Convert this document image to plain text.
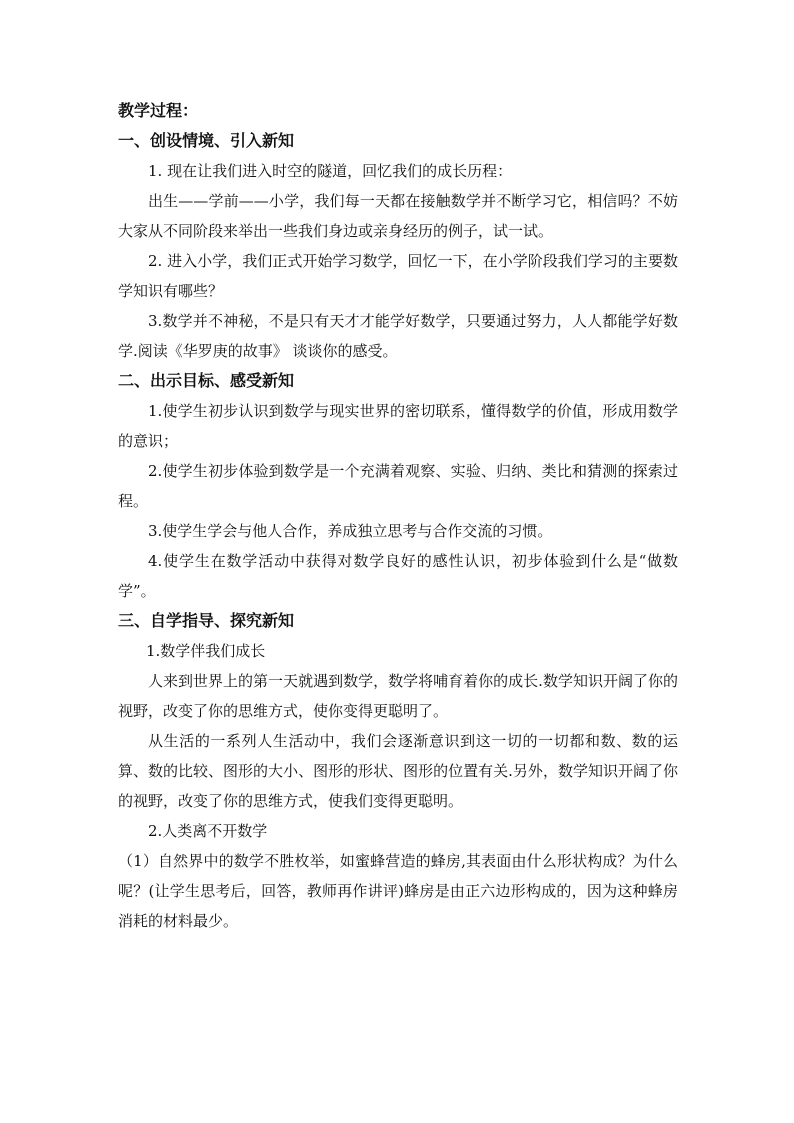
教学过程：

一、创设情境、引入新知

1. 现在让我们进入时空的隧道，回忆我们的成长历程：

出生——学前——小学，我们每一天都在接触数学并不断学习它，相信吗？不妨大家从不同阶段来举出一些我们身边或亲身经历的例子，试一试。

2. 进入小学，我们正式开始学习数学，回忆一下，在小学阶段我们学习的主要数学知识有哪些？

3.数学并不神秘，不是只有天才才能学好数学，只要通过努力，人人都能学好数学.阅读《华罗庚的故事》 谈谈你的感受。

二、出示目标、感受新知

1.使学生初步认识到数学与现实世界的密切联系，懂得数学的价值，形成用数学的意识；

2.使学生初步体验到数学是一个充满着观察、实验、归纳、类比和猜测的探索过程。

3.使学生学会与他人合作，养成独立思考与合作交流的习惯。

4.使学生在数学活动中获得对数学良好的感性认识，初步体验到什么是“做数学”。

三、自学指导、探究新知

1.数学伴我们成长

人来到世界上的第一天就遇到数学，数学将哺育着你的成长.数学知识开阔了你的视野，改变了你的思维方式，使你变得更聪明了。

从生活的一系列人生活动中，我们会逐渐意识到这一切的一切都和数、数的运算、数的比较、图形的大小、图形的形状、图形的位置有关.另外，数学知识开阔了你的视野，改变了你的思维方式，使我们变得更聪明。

2.人类离不开数学

（1）自然界中的数学不胜枚举，如蜜蜂营造的蜂房,其表面由什么形状构成？为什么呢？(让学生思考后，回答，教师再作讲评)蜂房是由正六边形构成的，因为这种蜂房消耗的材料最少。
